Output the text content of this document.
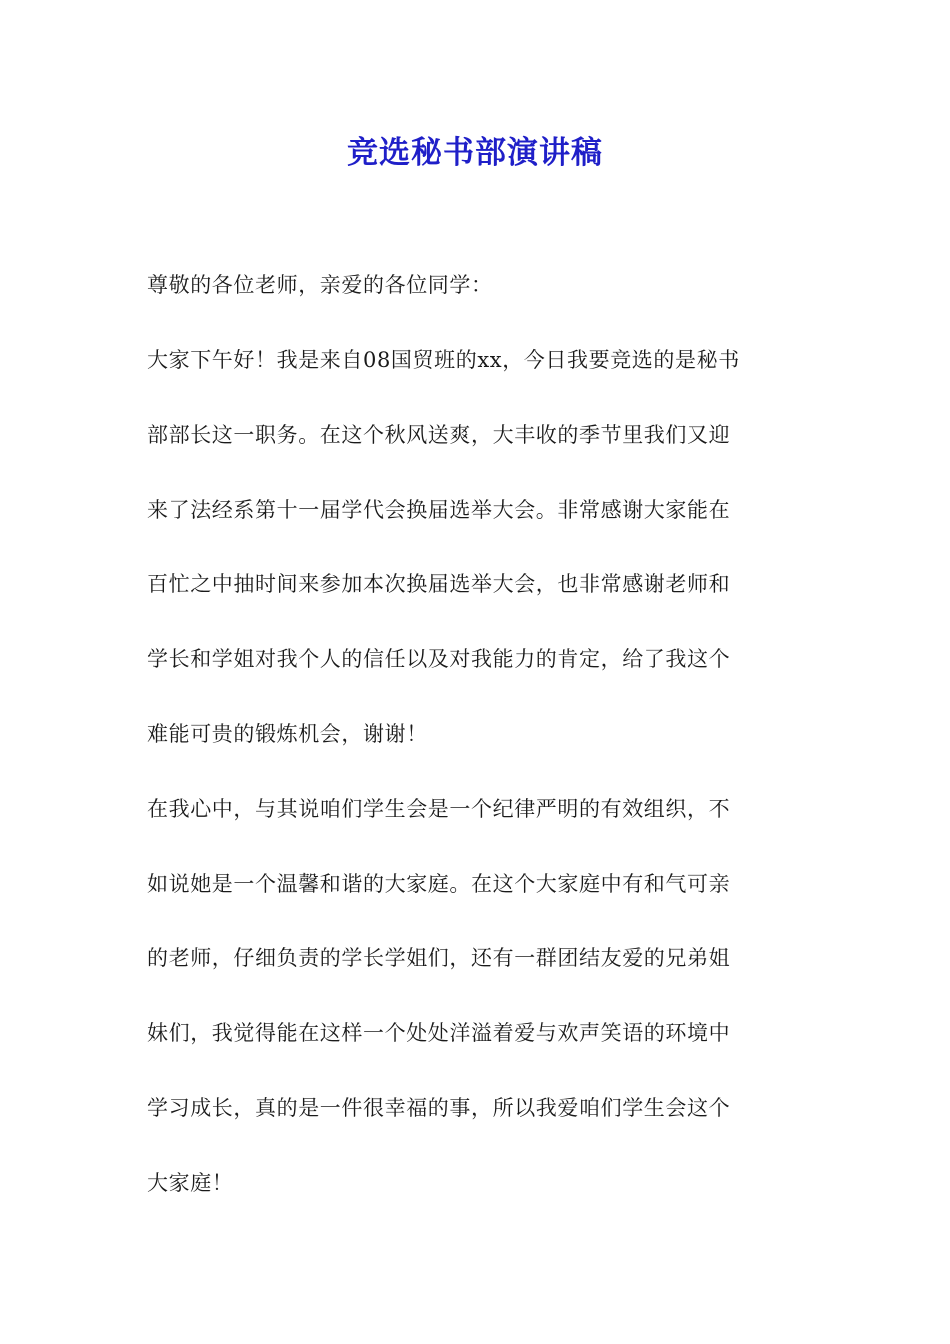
竞选秘书部演讲稿
尊敬的各位老师，亲爱的各位同学：
大家下午好！我是来自08国贸班的xx，今日我要竞选的是秘书
部部长这一职务。在这个秋风送爽，大丰收的季节里我们又迎
来了法经系第十一届学代会换届选举大会。非常感谢大家能在
百忙之中抽时间来参加本次换届选举大会，也非常感谢老师和
学长和学姐对我个人的信任以及对我能力的肯定，给了我这个
难能可贵的锻炼机会，谢谢！
在我心中，与其说咱们学生会是一个纪律严明的有效组织，不
如说她是一个温馨和谐的大家庭。在这个大家庭中有和气可亲
的老师，仔细负责的学长学姐们，还有一群团结友爱的兄弟姐
妹们，我觉得能在这样一个处处洋溢着爱与欢声笑语的环境中
学习成长，真的是一件很幸福的事，所以我爱咱们学生会这个
大家庭！
